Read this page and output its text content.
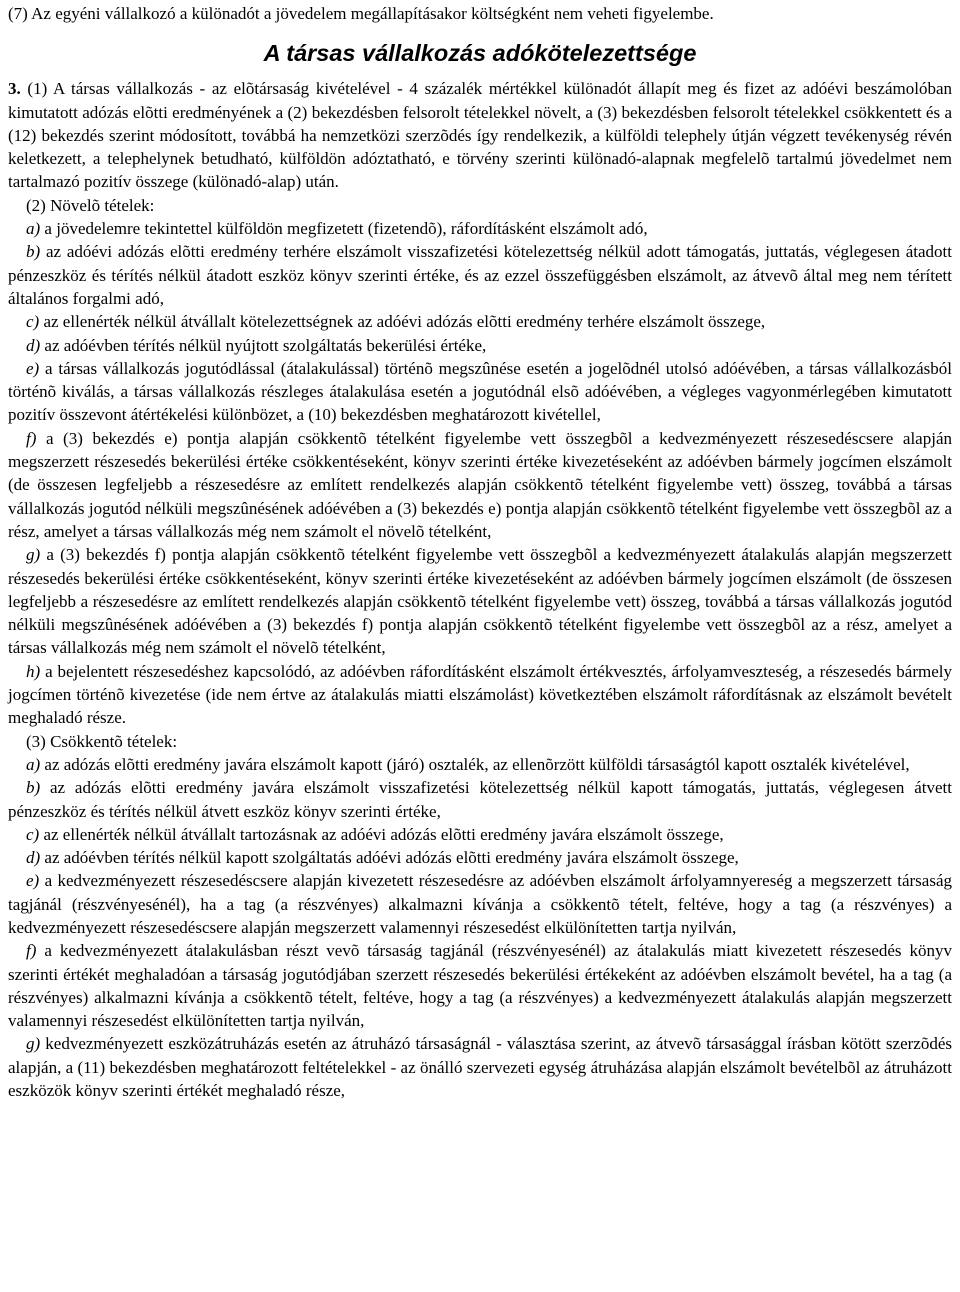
(7) Az egyéni vállalkozó a különadót a jövedelem megállapításakor költségként nem veheti figyelembe.

A társas vállalkozás adókötelezettsége

3. (1) A társas vállalkozás - az elõtársaság kivételével - 4 százalék mértékkel különadót állapít meg és fizet az adóévi beszámolóban kimutatott adózás elõtti eredményének a (2) bekezdésben felsorolt tételekkel növelt, a (3) bekezdésben felsorolt tételekkel csökkentett és a (12) bekezdés szerint módosított, továbbá ha nemzetközi szerzõdés így rendelkezik, a külföldi telephely útján végzett tevékenység révén keletkezett, a telephelynek betudható, külföldön adóztatható, e törvény szerinti különadó-alapnak megfelelõ tartalmú jövedelmet nem tartalmazó pozitív összege (különadó-alap) után.

(2) Növelõ tételek:

a) a jövedelemre tekintettel külföldön megfizetett (fizetendõ), ráfordításként elszámolt adó,

b) az adóévi adózás elõtti eredmény terhére elszámolt visszafizetési kötelezettség nélkül adott támogatás, juttatás, véglegesen átadott pénzeszköz és térítés nélkül átadott eszköz könyv szerinti értéke, és az ezzel összefüggésben elszámolt, az átvevõ által meg nem térített általános forgalmi adó,

c) az ellenérték nélkül átvállalt kötelezettségnek az adóévi adózás elõtti eredmény terhére elszámolt összege,

d) az adóévben térítés nélkül nyújtott szolgáltatás bekerülési értéke,

e) a társas vállalkozás jogutódlással (átalakulással) történõ megszûnése esetén a jogelõdnél utolsó adóévében, a társas vállalkozásból történõ kiválás, a társas vállalkozás részleges átalakulása esetén a jogutódnál elsõ adóévében, a végleges vagyonmérlegében kimutatott pozitív összevont átértékelési különbözet, a (10) bekezdésben meghatározott kivétellel,

f) a (3) bekezdés e) pontja alapján csökkentõ tételként figyelembe vett összegbõl a kedvezményezett részesedéscsere alapján megszerzett részesedés bekerülési értéke csökkentéseként, könyv szerinti értéke kivezetéseként az adóévben bármely jogcímen elszámolt (de összesen legfeljebb a részesedésre az említett rendelkezés alapján csökkentõ tételként figyelembe vett) összeg, továbbá a társas vállalkozás jogutód nélküli megszûnésének adóévében a (3) bekezdés e) pontja alapján csökkentõ tételként figyelembe vett összegbõl az a rész, amelyet a társas vállalkozás még nem számolt el növelõ tételként,

g) a (3) bekezdés f) pontja alapján csökkentõ tételként figyelembe vett összegbõl a kedvezményezett átalakulás alapján megszerzett részesedés bekerülési értéke csökkentéseként, könyv szerinti értéke kivezetéseként az adóévben bármely jogcímen elszámolt (de összesen legfeljebb a részesedésre az említett rendelkezés alapján csökkentõ tételként figyelembe vett) összeg, továbbá a társas vállalkozás jogutód nélküli megszûnésének adóévében a (3) bekezdés f) pontja alapján csökkentõ tételként figyelembe vett összegbõl az a rész, amelyet a társas vállalkozás még nem számolt el növelõ tételként,

h) a bejelentett részesedéshez kapcsolódó, az adóévben ráfordításként elszámolt értékvesztés, árfolyamveszteség, a részesedés bármely jogcímen történõ kivezetése (ide nem értve az átalakulás miatti elszámolást) következtében elszámolt ráfordításnak az elszámolt bevételt meghaladó része.

(3) Csökkentõ tételek:

a) az adózás elõtti eredmény javára elszámolt kapott (járó) osztalék, az ellenõrzött külföldi társaságtól kapott osztalék kivételével,

b) az adózás elõtti eredmény javára elszámolt visszafizetési kötelezettség nélkül kapott támogatás, juttatás, véglegesen átvett pénzeszköz és térítés nélkül átvett eszköz könyv szerinti értéke,

c) az ellenérték nélkül átvállalt tartozásnak az adóévi adózás elõtti eredmény javára elszámolt összege,

d) az adóévben térítés nélkül kapott szolgáltatás adóévi adózás elõtti eredmény javára elszámolt összege,

e) a kedvezményezett részesedéscsere alapján kivezetett részesedésre az adóévben elszámolt árfolyamnyereség a megszerzett társaság tagjánál (részvényesénél), ha a tag (a részvényes) alkalmazni kívánja a csökkentõ tételt, feltéve, hogy a tag (a részvényes) a kedvezményezett részesedéscsere alapján megszerzett valamennyi részesedést elkülönítetten tartja nyilván,

f) a kedvezményezett átalakulásban részt vevõ társaság tagjánál (részvényesénél) az átalakulás miatt kivezetett részesedés könyv szerinti értékét meghaladóan a társaság jogutódjában szerzett részesedés bekerülési értékeként az adóévben elszámolt bevétel, ha a tag (a részvényes) alkalmazni kívánja a csökkentõ tételt, feltéve, hogy a tag (a részvényes) a kedvezményezett átalakulás alapján megszerzett valamennyi részesedést elkülönítetten tartja nyilván,

g) kedvezményezett eszközátruházás esetén az átruházó társaságnál - választása szerint, az átvevõ társasággal írásban kötött szerzõdés alapján, a (11) bekezdésben meghatározott feltételekkel - az önálló szervezeti egység átruházása alapján elszámolt bevételbõl az átruházott eszközök könyv szerinti értékét meghaladó része,
